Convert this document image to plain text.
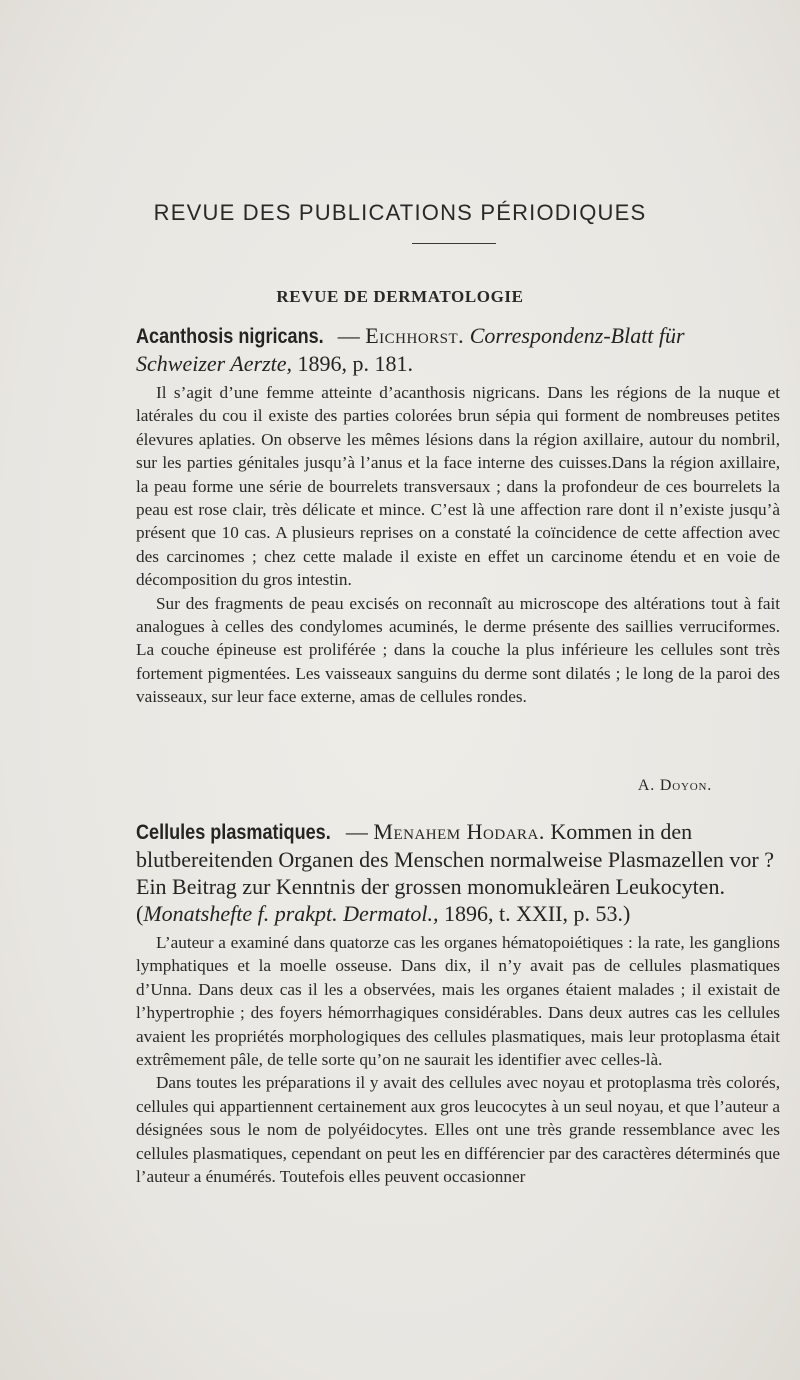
REVUE DES PUBLICATIONS PÉRIODIQUES
REVUE DE DERMATOLOGIE
Acanthosis nigricans. — Eichhorst. Correspondenz-Blatt für Schweizer Aerzte, 1896, p. 181.

Il s’agit d’une femme atteinte d’acanthosis nigricans. Dans les régions de la nuque et latérales du cou il existe des parties colorées brun sépia qui forment de nombreuses petites élevures aplaties. On observe les mêmes lésions dans la région axillaire, autour du nombril, sur les parties génitales jusqu’à l’anus et la face interne des cuisses.Dans la région axillaire, la peau forme une série de bourrelets transversaux ; dans la profondeur de ces bourrelets la peau est rose clair, très délicate et mince. C’est là une affection rare dont il n’existe jusqu’à présent que 10 cas. A plusieurs reprises on a constaté la coïncidence de cette affection avec des carcinomes ; chez cette malade il existe en effet un carcinome étendu et en voie de décomposition du gros intestin.

Sur des fragments de peau excisés on reconnaît au microscope des altérations tout à fait analogues à celles des condylomes acuminés, le derme présente des saillies verruciformes. La couche épineuse est proliférée ; dans la couche la plus inférieure les cellules sont très fortement pigmentées. Les vaisseaux sanguins du derme sont dilatés ; le long de la paroi des vaisseaux, sur leur face externe, amas de cellules rondes.

A. Doyon.
Cellules plasmatiques. — Menahem Hodara. Kommen in den blutbereitenden Organen des Menschen normalweise Plasmazellen vor ? Ein Beitrag zur Kenntnis der grossen monomukleären Leukocyten. (Monatshefte f. prakpt. Dermatol., 1896, t. XXII, p. 53.)

L’auteur a examiné dans quatorze cas les organes hématopoiétiques : la rate, les ganglions lymphatiques et la moelle osseuse. Dans dix, il n’y avait pas de cellules plasmatiques d’Unna. Dans deux cas il les a observées, mais les organes étaient malades ; il existait de l’hypertrophie ; des foyers hémorrhagiques considérables. Dans deux autres cas les cellules avaient les propriétés morphologiques des cellules plasmatiques, mais leur protoplasma était extrêmement pâle, de telle sorte qu’on ne saurait les identifier avec celles-là.

Dans toutes les préparations il y avait des cellules avec noyau et protoplasma très colorés, cellules qui appartiennent certainement aux gros leucocytes à un seul noyau, et que l’auteur a désignées sous le nom de polyéidocytes. Elles ont une très grande ressemblance avec les cellules plasmatiques, cependant on peut les en différencier par des caractères déterminés que l’auteur a énumérés. Toutefois elles peuvent occasionner
